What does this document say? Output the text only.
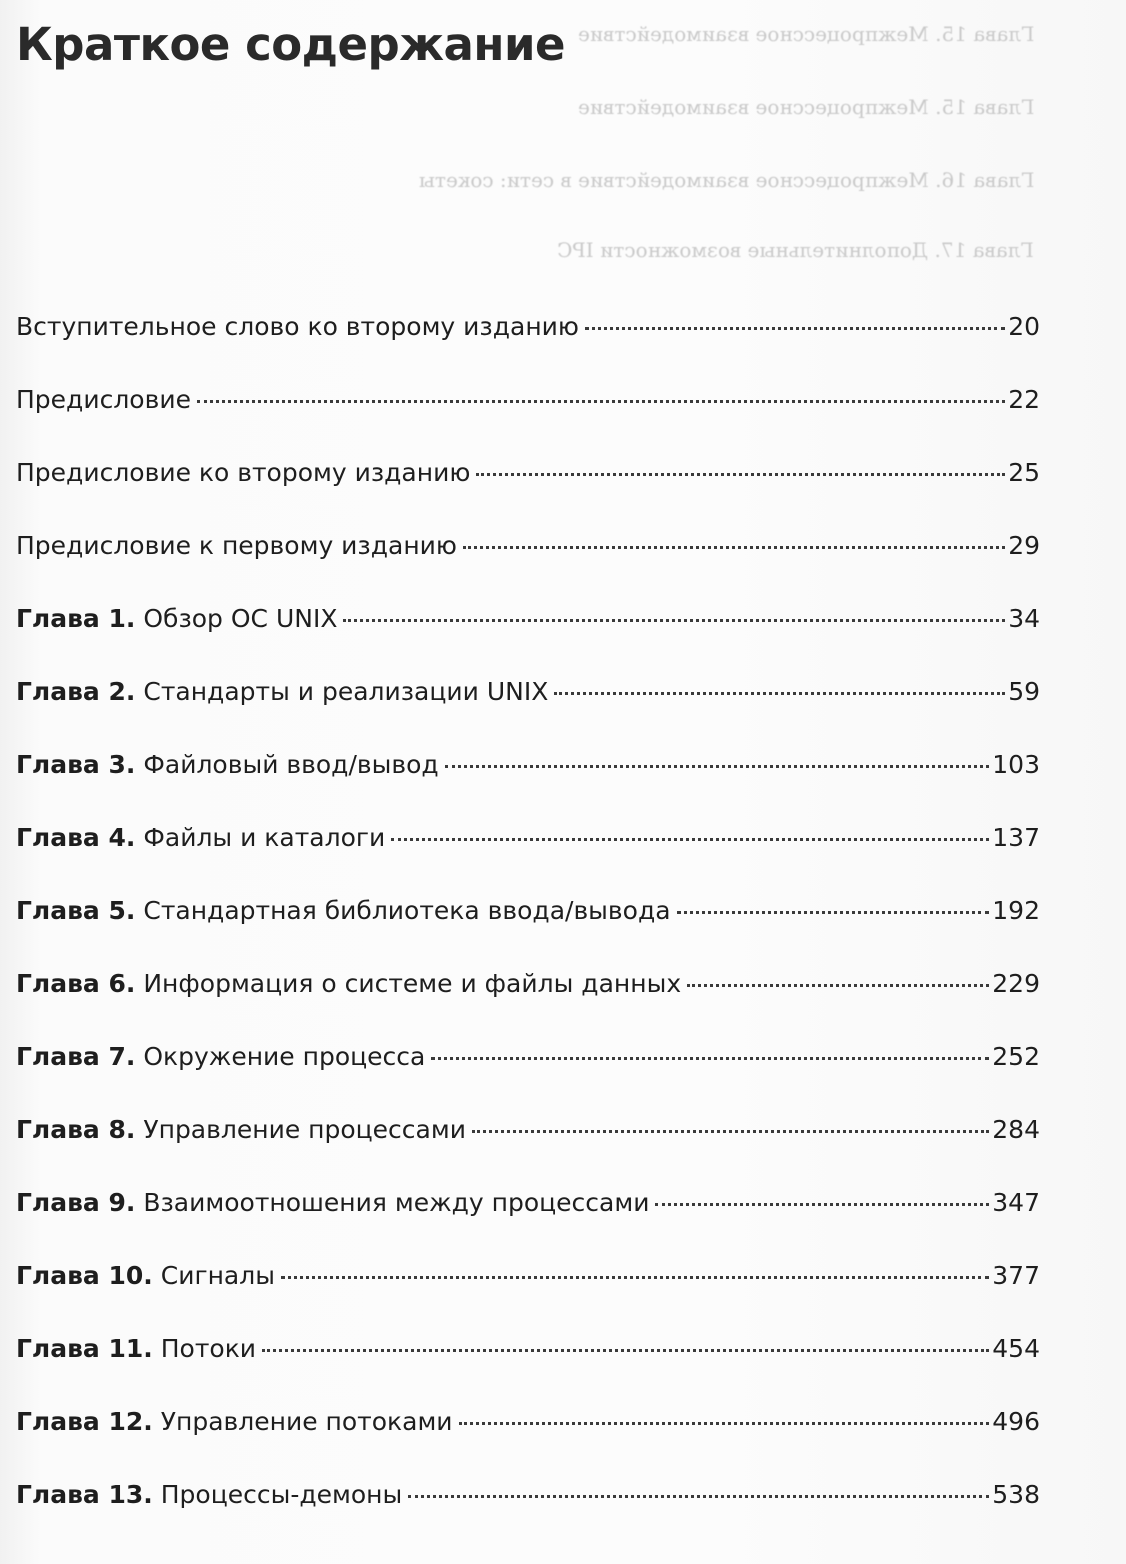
Глава 15. Межпроцессное взаимодействие
Глава 15. Межпроцессное взаимодействие
Глава 16. Межпроцессное взаимодействие в сети: сокеты
Глава 17. Дополнительные возможности IPC
Краткое содержание
Вступительное слово ко второму изданию	20
Предисловие	22
Предисловие ко второму изданию	25
Предисловие к первому изданию	29
Глава 1. Обзор ОС UNIX	34
Глава 2. Стандарты и реализации UNIX	59
Глава 3. Файловый ввод/вывод	103
Глава 4. Файлы и каталоги	137
Глава 5. Стандартная библиотека ввода/вывода	192
Глава 6. Информация о системе и файлы данных	229
Глава 7. Окружение процесса	252
Глава 8. Управление процессами	284
Глава 9. Взаимоотношения между процессами	347
Глава 10. Сигналы	377
Глава 11. Потоки	454
Глава 12. Управление потоками	496
Глава 13. Процессы-демоны	538
